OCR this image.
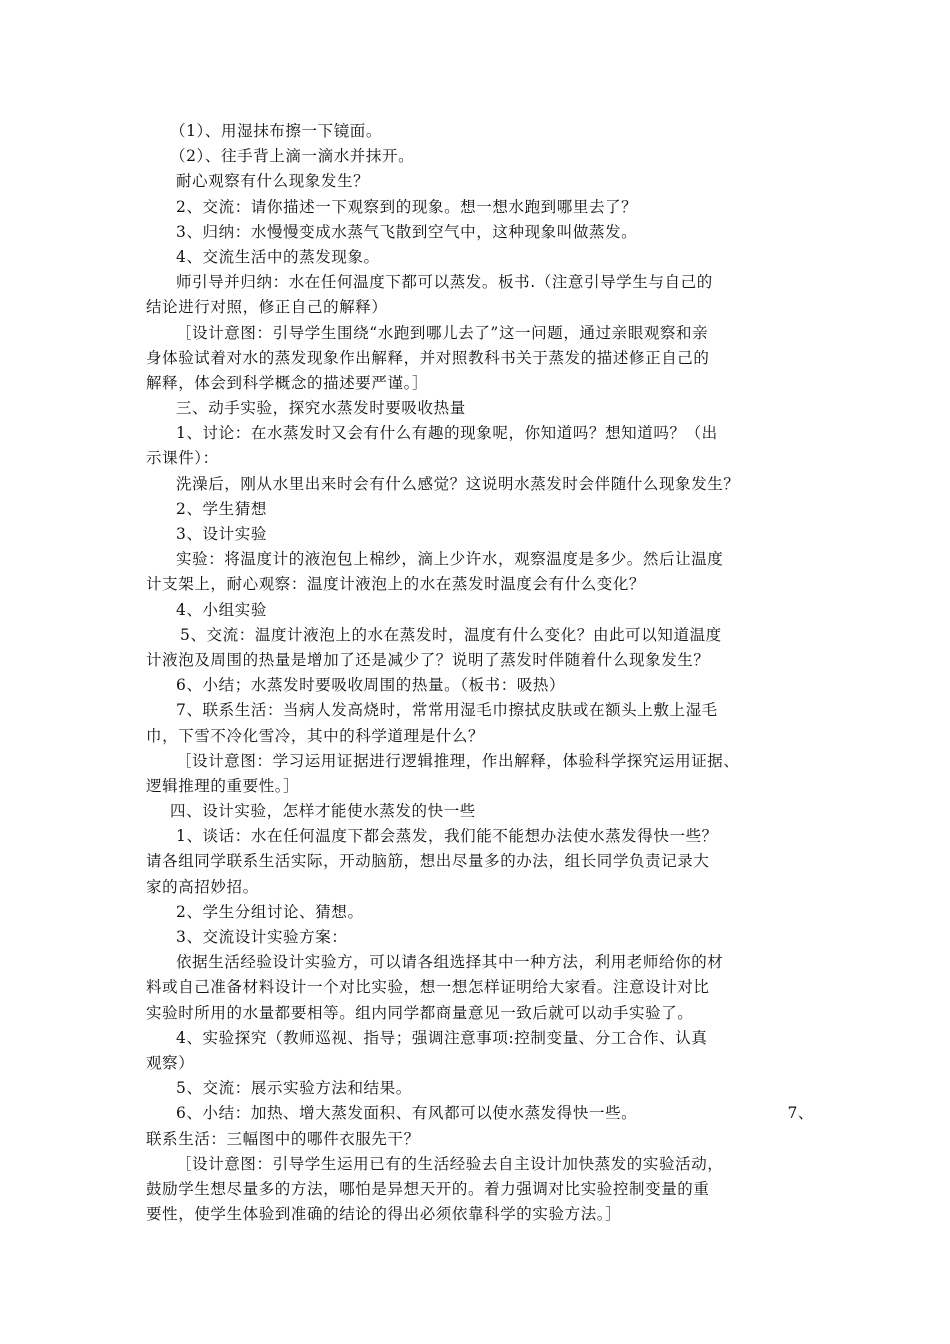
（1）、用湿抹布擦一下镜面。
（2）、往手背上滴一滴水并抹开。
耐心观察有什么现象发生？
2、交流：请你描述一下观察到的现象。想一想水跑到哪里去了？
3、归纳：水慢慢变成水蒸气飞散到空气中，这种现象叫做蒸发。
4、交流生活中的蒸发现象。
师引导并归纳：水在任何温度下都可以蒸发。板书.（注意引导学生与自己的
结论进行对照，修正自己的解释）
［设计意图：引导学生围绕“水跑到哪儿去了”这一问题，通过亲眼观察和亲
身体验试着对水的蒸发现象作出解释，并对照教科书关于蒸发的描述修正自己的
解释，体会到科学概念的描述要严谨。］
三、动手实验，探究水蒸发时要吸收热量
1、讨论：在水蒸发时又会有什么有趣的现象呢，你知道吗？想知道吗？（出
示课件）：
洗澡后，刚从水里出来时会有什么感觉？这说明水蒸发时会伴随什么现象发生？
2、学生猜想
3、设计实验
实验：将温度计的液泡包上棉纱，滴上少许水，观察温度是多少。然后让温度
计支架上，耐心观察：温度计液泡上的水在蒸发时温度会有什么变化？
4、小组实验
5、交流：温度计液泡上的水在蒸发时，温度有什么变化？由此可以知道温度
计液泡及周围的热量是增加了还是减少了？说明了蒸发时伴随着什么现象发生？
6、小结；水蒸发时要吸收周围的热量。（板书：吸热）
7、联系生活：当病人发高烧时，常常用湿毛巾擦拭皮肤或在额头上敷上湿毛
巾，下雪不冷化雪冷，其中的科学道理是什么？
［设计意图：学习运用证据进行逻辑推理，作出解释，体验科学探究运用证据、
逻辑推理的重要性。］
四、设计实验，怎样才能使水蒸发的快一些
1、谈话：水在任何温度下都会蒸发，我们能不能想办法使水蒸发得快一些？
请各组同学联系生活实际，开动脑筋，想出尽量多的办法，组长同学负责记录大
家的高招妙招。
2、学生分组讨论、猜想。
3、交流设计实验方案：
依据生活经验设计实验方，可以请各组选择其中一种方法，利用老师给你的材
料或自己准备材料设计一个对比实验，想一想怎样证明给大家看。注意设计对比
实验时所用的水量都要相等。组内同学都商量意见一致后就可以动手实验了。
4、实验探究（教师巡视、指导；强调注意事项:控制变量、分工合作、认真
观察）
5、交流：展示实验方法和结果。
6、小结：加热、增大蒸发面积、有风都可以使水蒸发得快一些。	7、
联系生活：三幅图中的哪件衣服先干？
［设计意图：引导学生运用已有的生活经验去自主设计加快蒸发的实验活动，
鼓励学生想尽量多的方法，哪怕是异想天开的。着力强调对比实验控制变量的重
要性，使学生体验到准确的结论的得出必须依靠科学的实验方法。］
